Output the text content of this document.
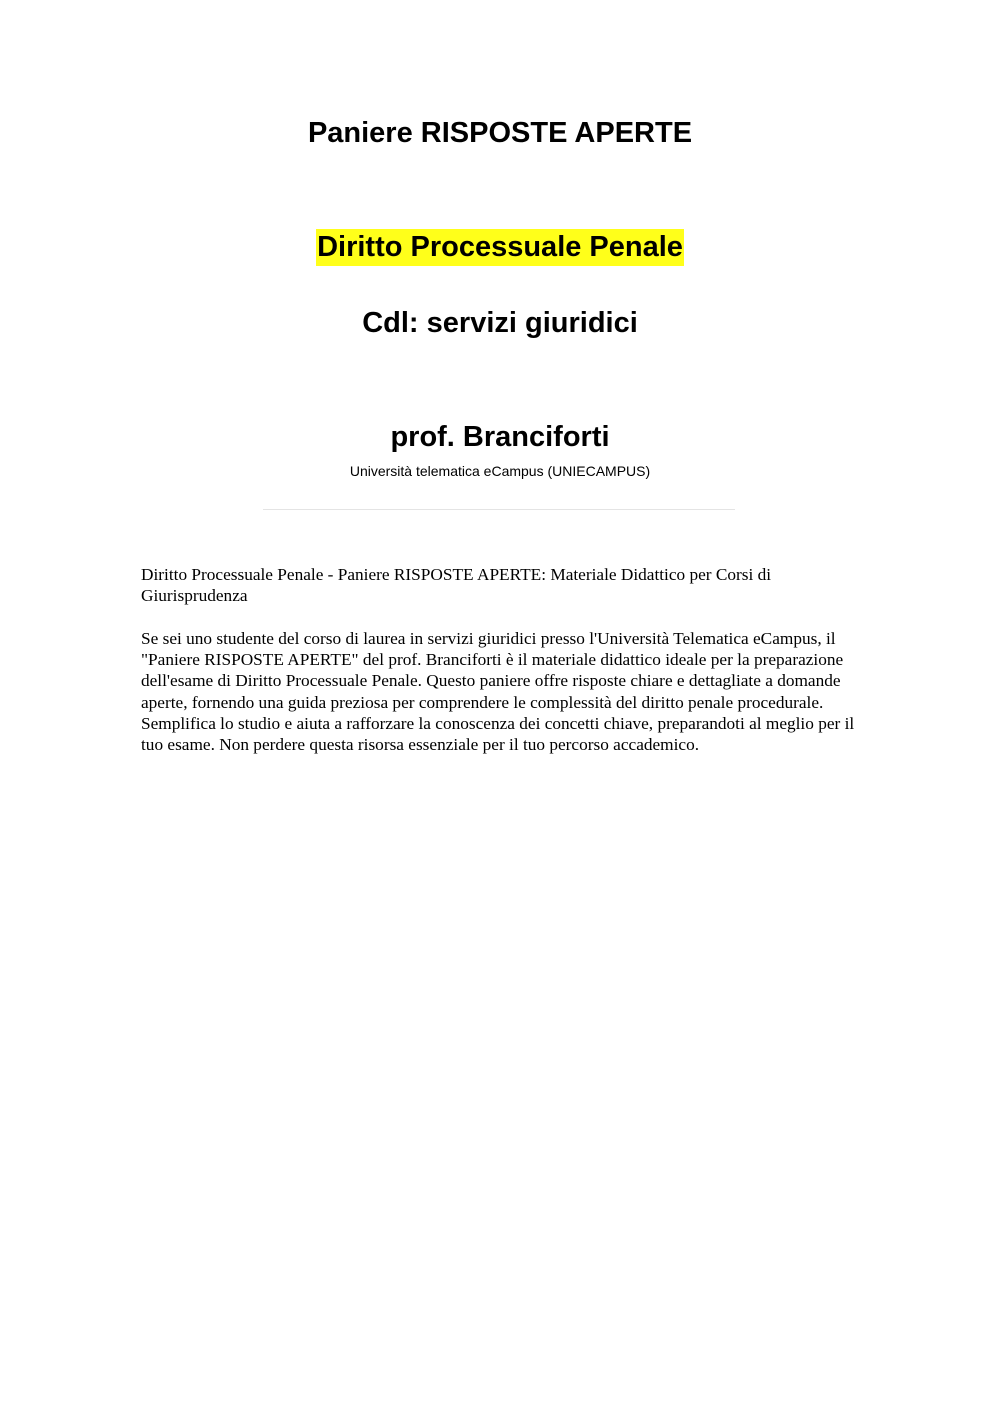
Paniere RISPOSTE APERTE
Diritto Processuale Penale
Cdl: servizi giuridici
prof. Branciforti
Università telematica eCampus (UNIECAMPUS)

Diritto Processuale Penale - Paniere RISPOSTE APERTE: Materiale Didattico per Corsi di Giurisprudenza

Se sei uno studente del corso di laurea in servizi giuridici presso l'Università Telematica eCampus, il "Paniere RISPOSTE APERTE" del prof. Branciforti è il materiale didattico ideale per la preparazione dell'esame di Diritto Processuale Penale. Questo paniere offre risposte chiare e dettagliate a domande aperte, fornendo una guida preziosa per comprendere le complessità del diritto penale procedurale. Semplifica lo studio e aiuta a rafforzare la conoscenza dei concetti chiave, preparandoti al meglio per il tuo esame. Non perdere questa risorsa essenziale per il tuo percorso accademico.
